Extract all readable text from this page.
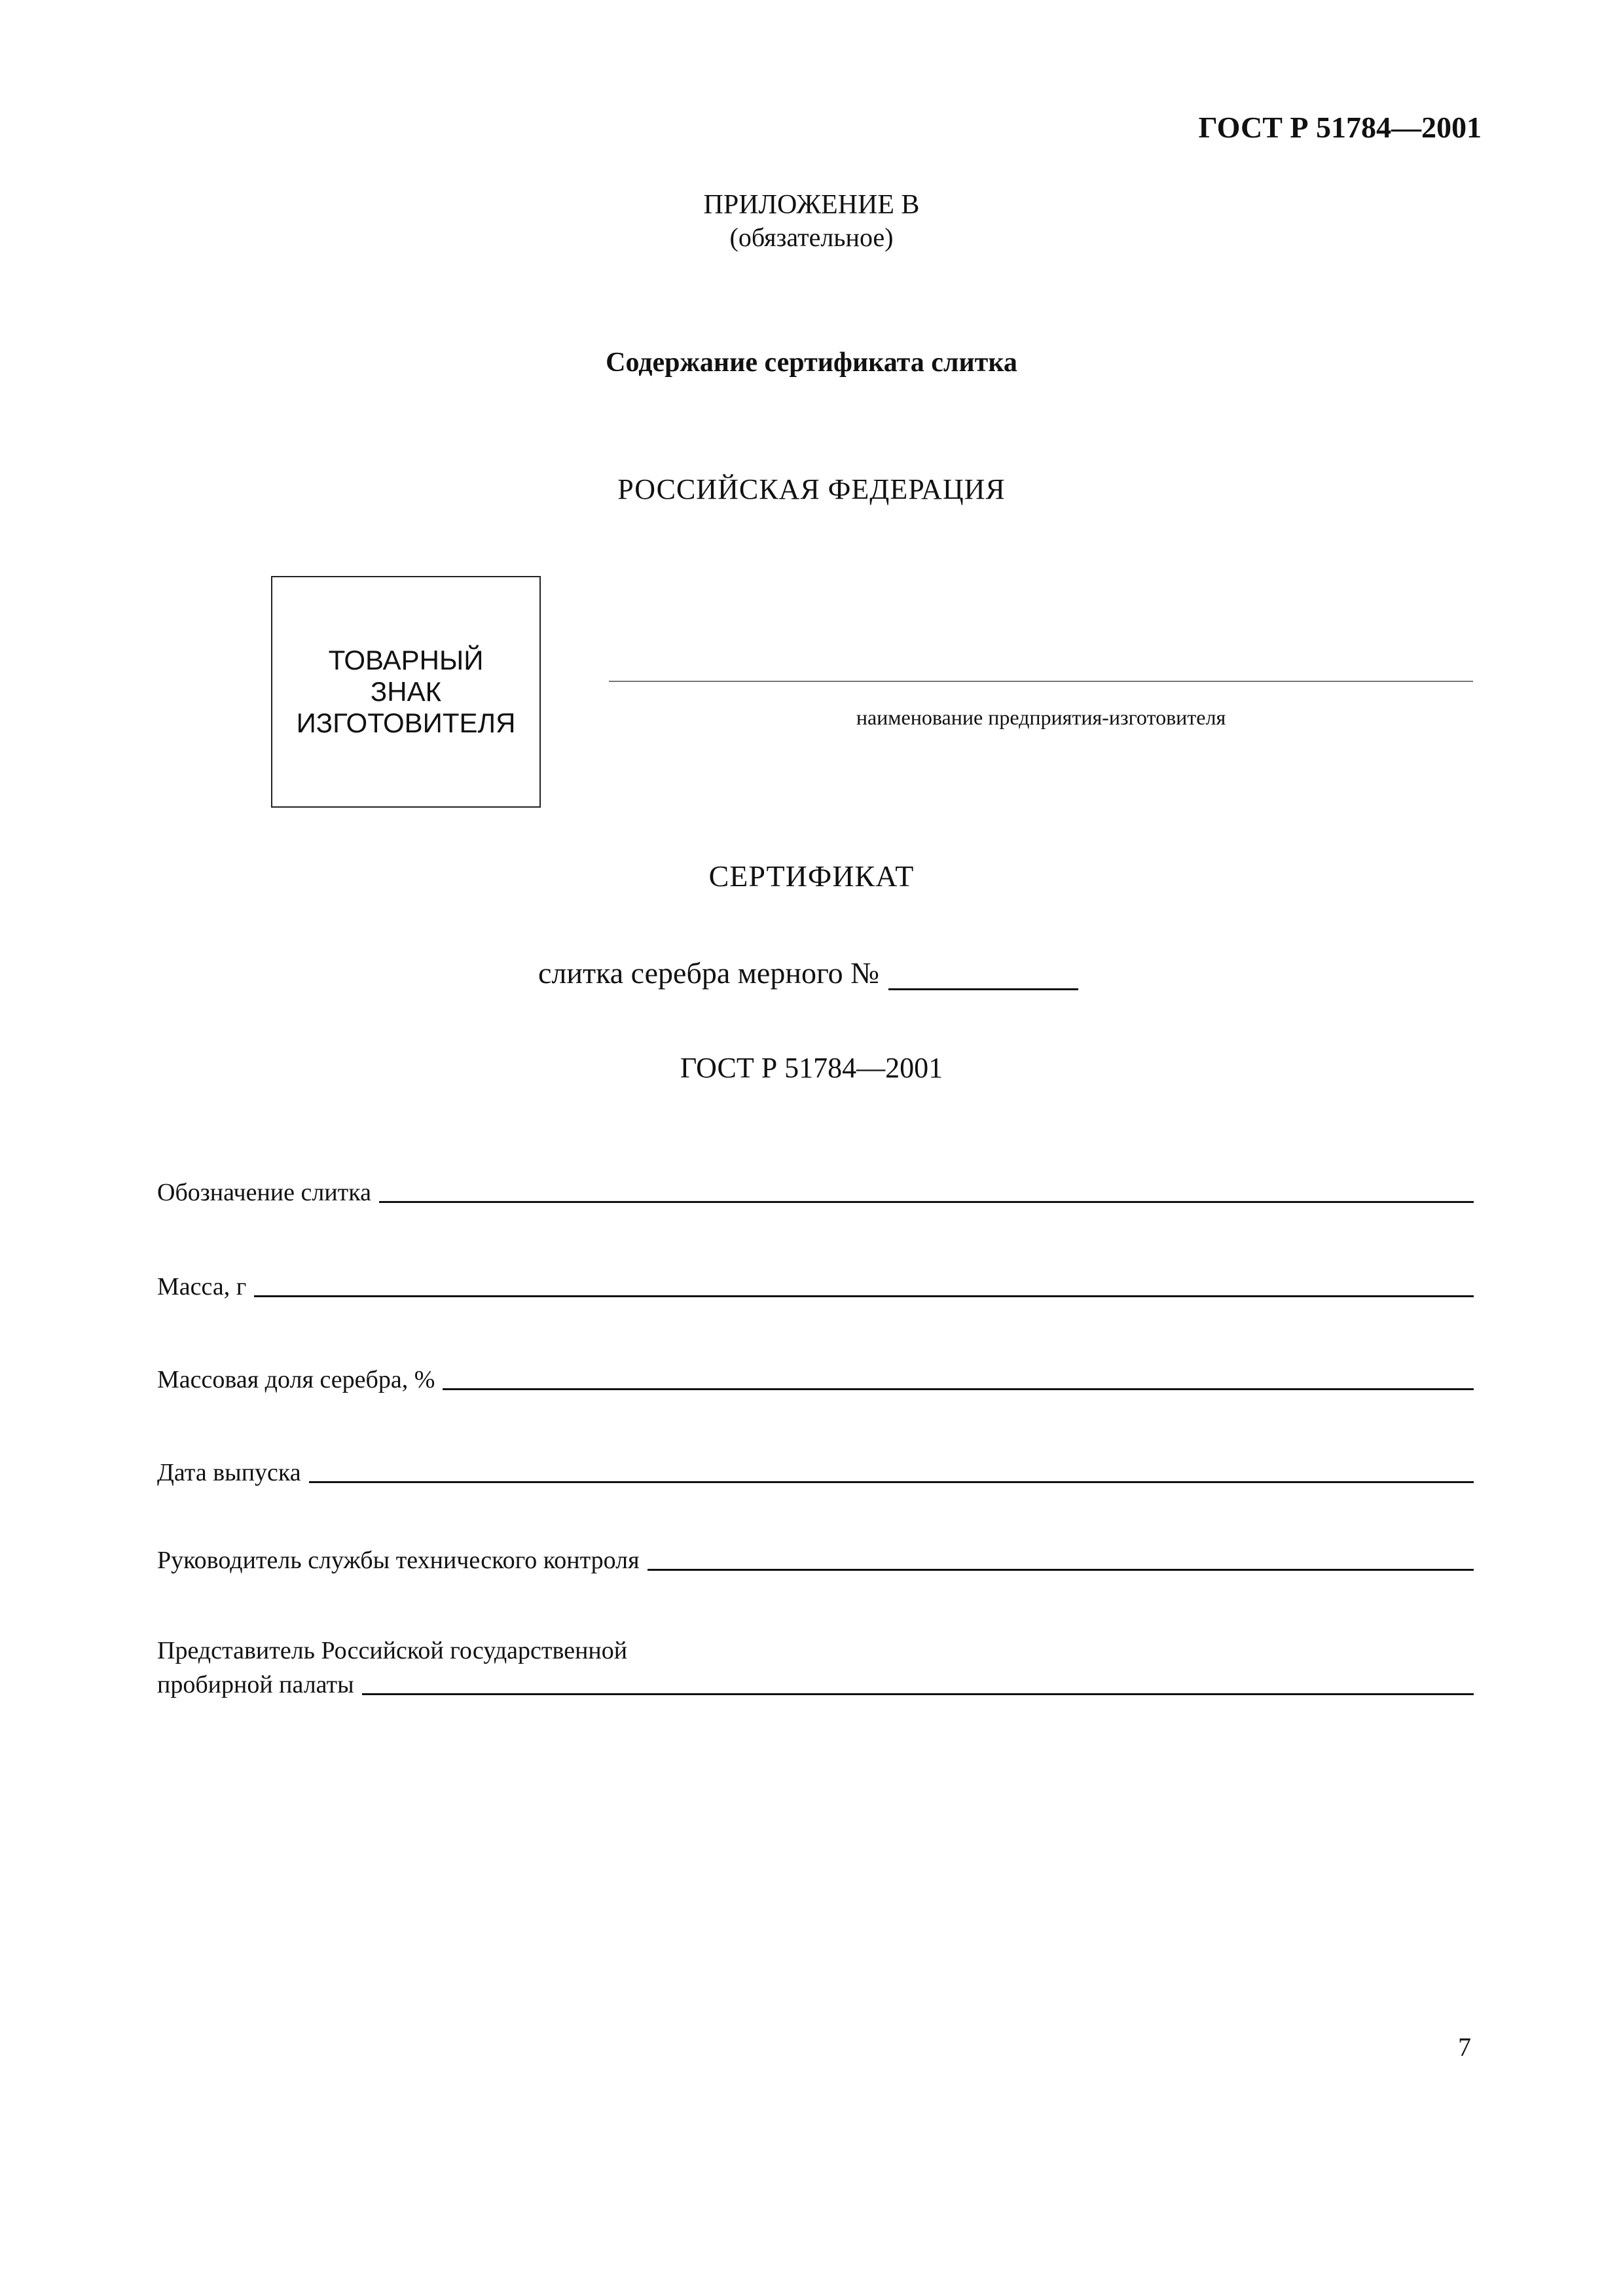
ГОСТ Р 51784—2001
ПРИЛОЖЕНИЕ В
(обязательное)
Содержание сертификата слитка
РОССИЙСКАЯ ФЕДЕРАЦИЯ
ТОВАРНЫЙ
ЗНАК
ИЗГОТОВИТЕЛЯ	наименование предприятия-изготовителя
СЕРТИФИКАТ
слитка серебра мерного №
ГОСТ Р 51784—2001
Обозначение слитка
Масса, г
Массовая доля серебра, %
Дата выпуска
Руководитель службы технического контроля
Представитель Российской государственной
пробирной палаты
7
